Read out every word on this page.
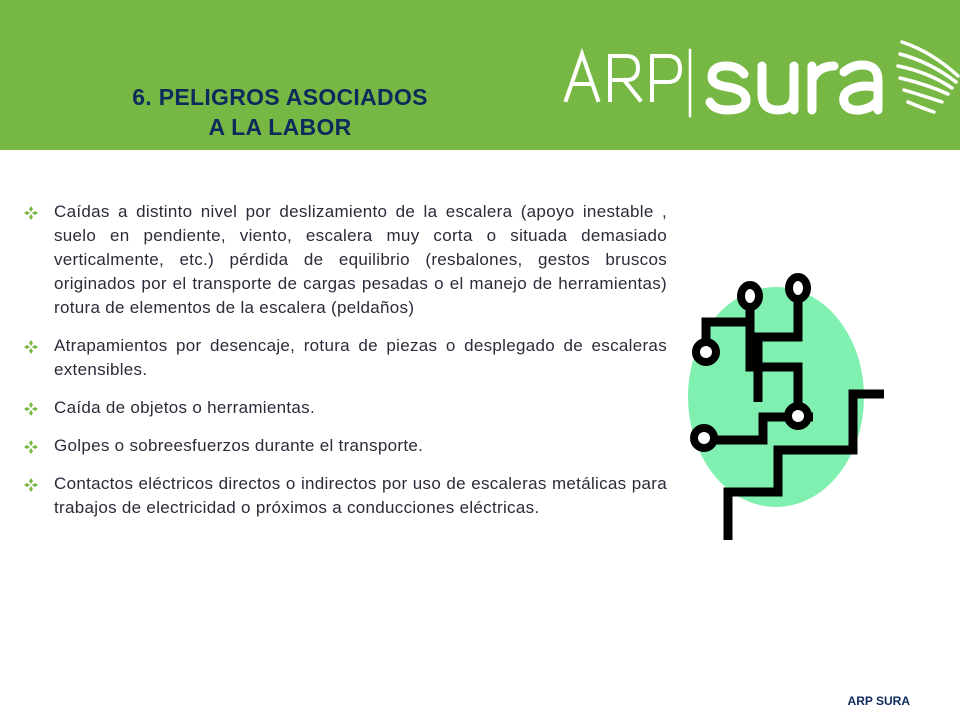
6. PELIGROS ASOCIADOS
A LA LABOR
Caídas a distinto nivel por deslizamiento de la escalera (apoyo inestable , suelo en pendiente, viento, escalera muy corta o situada demasiado verticalmente, etc.) pérdida de equilibrio (resbalones, gestos bruscos originados por el transporte de cargas pesadas o el manejo de herramientas) rotura de elementos de la escalera (peldaños)
Atrapamientos por desencaje, rotura de piezas o desplegado de escaleras extensibles.
Caída de objetos o herramientas.
Golpes o sobreesfuerzos durante el transporte.
Contactos eléctricos directos o indirectos por uso de escaleras metálicas para trabajos de electricidad o próximos a conducciones eléctricas.
ARP SURA
